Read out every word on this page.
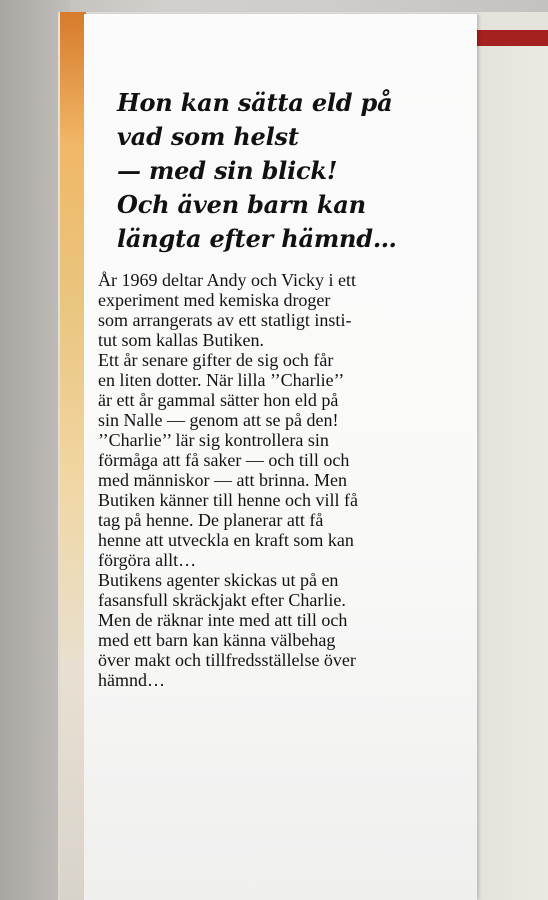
Hon kan sätta eld på
vad som helst
— med sin blick!
Och även barn kan
längta efter hämnd…

År 1969 deltar Andy och Vicky i ett
experiment med kemiska droger
som arrangerats av ett statligt insti-
tut som kallas Butiken.

Ett år senare gifter de sig och får
en liten dotter. När lilla ’’Charlie’’
är ett år gammal sätter hon eld på
sin Nalle — genom att se på den!

’’Charlie’’ lär sig kontrollera sin
förmåga att få saker — och till och
med människor — att brinna. Men
Butiken känner till henne och vill få
tag på henne. De planerar att få
henne att utveckla en kraft som kan
förgöra allt…

Butikens agenter skickas ut på en
fasansfull skräckjakt efter Charlie.
Men de räknar inte med att till och
med ett barn kan känna välbehag
över makt och tillfredsställelse över
hämnd…
